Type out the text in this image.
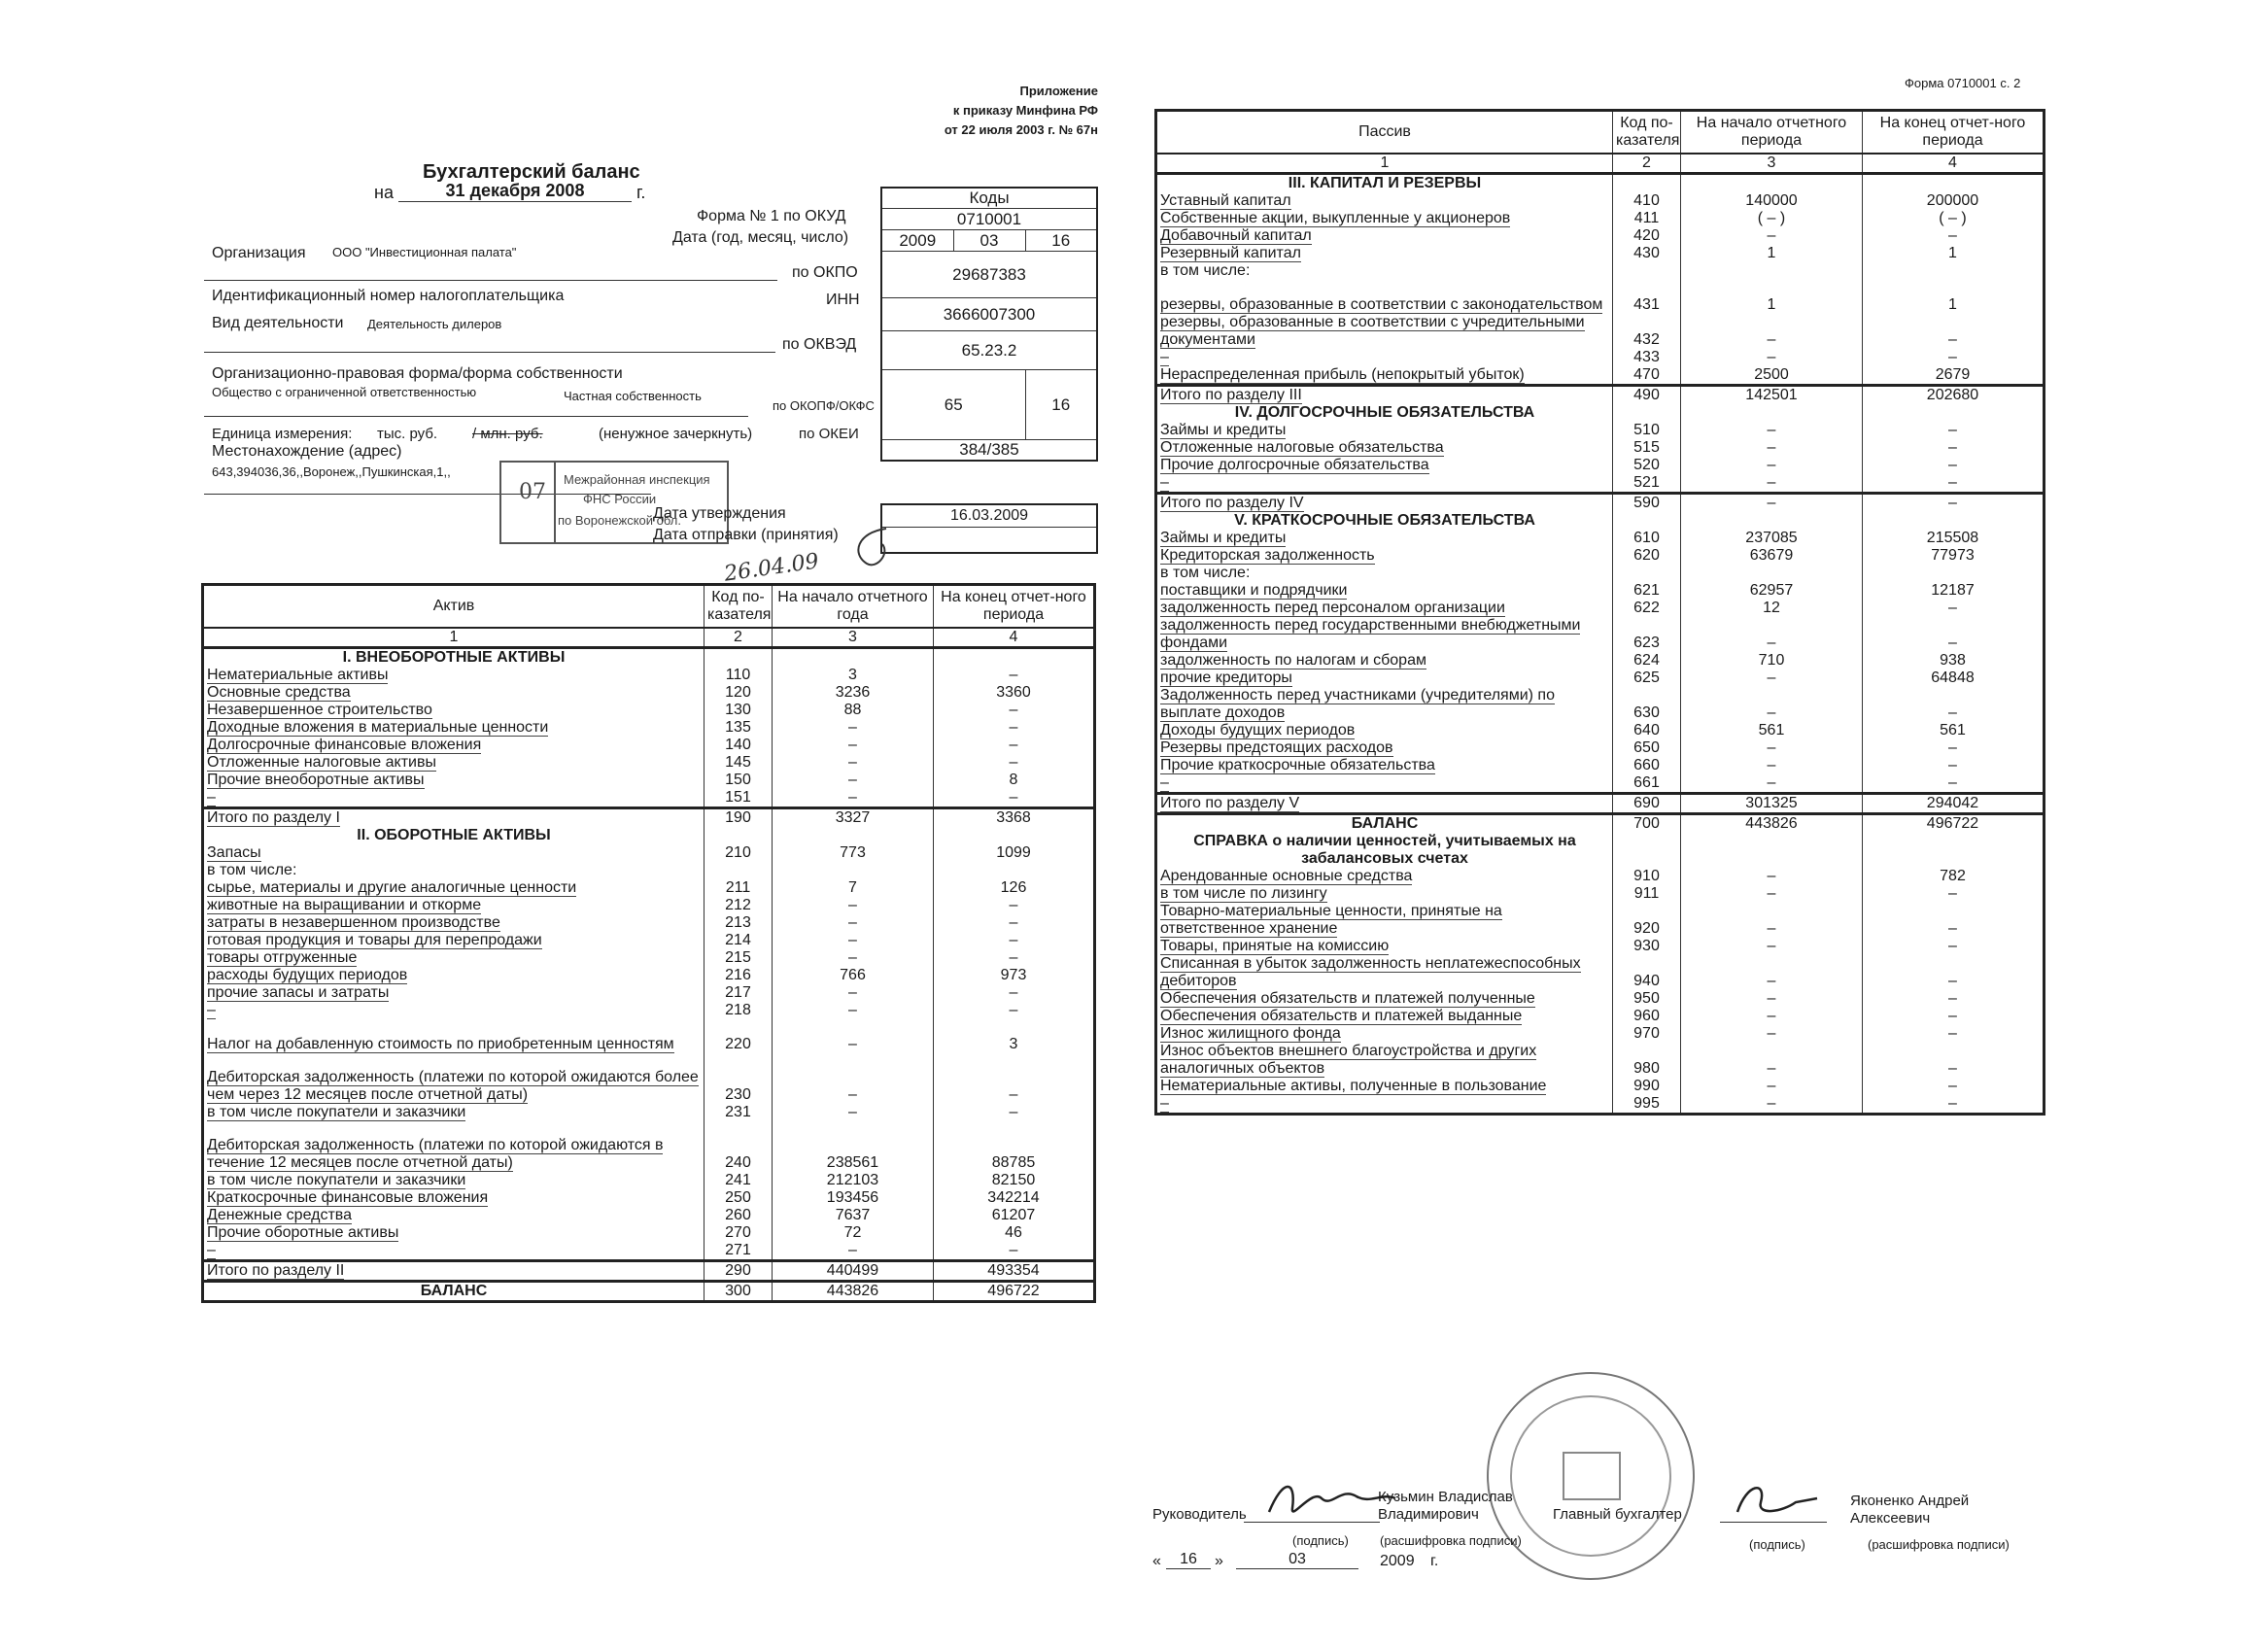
Приложение
к приказу Минфина РФ
от 22 июля 2003 г. № 67н
Бухгалтерский баланс
на	31 декабря 2008	г.	Коды		
0710001		
2009	03	16
29687383		
3666007300		
65.23.2		
65		16
384/385		
Форма № 1 по ОКУД
Дата (год, месяц, число)
Организация ООО "Инвестиционная палата"
по ОКПО
Идентификационный номер налогоплательщика	ИНН
Вид деятельности Деятельность дилеров
по ОКВЭД
Организационно-правовая форма/форма собственности
Общество с ограниченной ответственностью	Частная собственность
по ОКОПФ/ОКФС
Единица измерения: тыс. руб. / млн. руб.	(ненужное зачеркнуть)	по ОКЕИ
Местонахождение (адрес)
643,394036,36,,Воронеж,,Пушкинская,1,,
07
Межрайонная инспекция
ФНС России
по Воронежской обл.
Дата утверждения
Дата отправки (принятия)
16.03.2009
26.04.09
Актив	Код по-казателя	На начало отчетного года	На конец отчет-ного периода
1	2	3	4
I. ВНЕОБОРОТНЫЕ АКТИВЫ			
Нематериальные активы	110	3	–
Основные средства	120	3236	3360
Незавершенное строительство	130	88	–
Доходные вложения в материальные ценности	135	–	–
Долгосрочные финансовые вложения	140	–	–
Отложенные налоговые активы	145	–	–
Прочие внеоборотные активы	150	–	8
–	151	–	–
Итого по разделу I	190	3327	3368
II. ОБОРОТНЫЕ АКТИВЫ			
Запасы	210	773	1099
в том числе:			
сырье, материалы и другие аналогичные ценности	211	7	126
животные на выращивании и откорме	212	–	–
затраты в незавершенном производстве	213	–	–
готовая продукция и товары для перепродажи	214	–	–
товары отгруженные	215	–	–
расходы будущих периодов	216	766	973
прочие запасы и затраты	217	–	–
–	218	–	–
Налог на добавленную стоимость по приобретенным ценностям	220	–	3
Дебиторская задолженность (платежи по которой ожидаются более чем через 12 месяцев после отчетной даты)	230	–	–
в том числе покупатели и заказчики	231	–	–
Дебиторская задолженность (платежи по которой ожидаются в течение 12 месяцев после отчетной даты)	240	238561	88785
в том числе покупатели и заказчики	241	212103	82150
Краткосрочные финансовые вложения	250	193456	342214
Денежные средства	260	7637	61207
Прочие оборотные активы	270	72	46
–	271	–	–
Итого по разделу II	290	440499	493354
БАЛАНС	300	443826	496722
Форма 0710001 с. 2
Пассив	Код по-казателя	На начало отчетного периода	На конец отчет-ного периода
1	2	3	4
III. КАПИТАЛ И РЕЗЕРВЫ			
Уставный капитал	410	140000	200000
Собственные акции, выкупленные у акционеров	411	( – )	( – )
Добавочный капитал	420	–	–
Резервный капитал	430	1	1
в том числе:			
резервы, образованные в соответствии с законодательством	431	1	1
резервы, образованные в соответствии с учредительными документами	432	–	–
–	433	–	–
Нераспределенная прибыль (непокрытый убыток)	470	2500	2679
Итого по разделу III	490	142501	202680
IV. ДОЛГОСРОЧНЫЕ ОБЯЗАТЕЛЬСТВА			
Займы и кредиты	510	–	–
Отложенные налоговые обязательства	515	–	–
Прочие долгосрочные обязательства	520	–	–
–	521	–	–
Итого по разделу IV	590	–	–
V. КРАТКОСРОЧНЫЕ ОБЯЗАТЕЛЬСТВА			
Займы и кредиты	610	237085	215508
Кредиторская задолженность	620	63679	77973
в том числе:			
поставщики и подрядчики	621	62957	12187
задолженность перед персоналом организации	622	12	–
задолженность перед государственными внебюджетными фондами	623	–	–
задолженность по налогам и сборам	624	710	938
прочие кредиторы	625	–	64848
Задолженность перед участниками (учредителями) по выплате доходов	630	–	–
Доходы будущих периодов	640	561	561
Резервы предстоящих расходов	650	–	–
Прочие краткосрочные обязательства	660	–	–
–	661	–	–
Итого по разделу V	690	301325	294042
БАЛАНС	700	443826	496722
СПРАВКА о наличии ценностей, учитываемых на забалансовых счетах			
Арендованные основные средства	910	–	782
в том числе по лизингу	911	–	–
Товарно-материальные ценности, принятые на ответственное хранение	920	–	–
Товары, принятые на комиссию	930	–	–
Списанная в убыток задолженность неплатежеспособных дебиторов	940	–	–
Обеспечения обязательств и платежей полученные	950	–	–
Обеспечения обязательств и платежей выданные	960	–	–
Износ жилищного фонда	970	–	–
Износ объектов внешнего благоустройства и других аналогичных объектов	980	–	–
Нематериальные активы, полученные в пользование	990	–	–
–	995	–	–
Руководитель
Кузьмин Владислав Владимирович
(подпись) (расшифровка подписи)
Главный бухгалтер
Яконенко Андрей Алексеевич
(подпись)	(расшифровка подписи)
«	16	»	03	2009 г.
